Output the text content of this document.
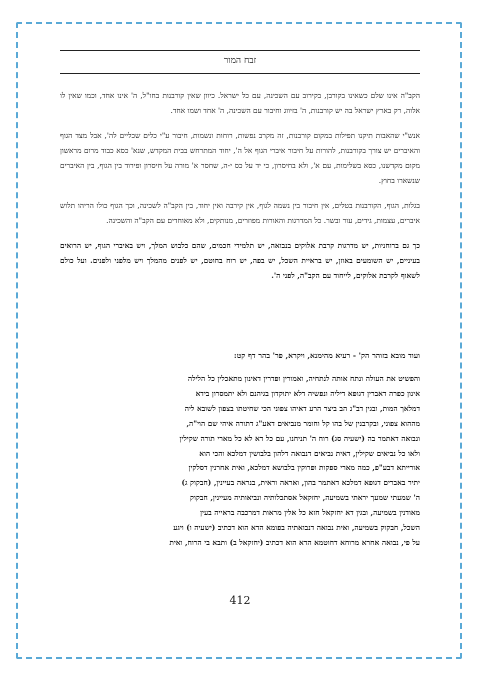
זבח המור

הקב"ה אינו שלם כשאינו בקורבן, בקירוב עם השכינה, עם כל ישראל. כיוון שאין קורבנות בחו"ל, ה' אינו אחד, וכמו שאין לו אלוה, רק בארץ ישראל בה יש קורבנות, ה' בזיווג וחיבור עם השכינה, ה' אחד ושמו אחד.

אנש"י שהאבות תיקנו תפילות במקום קורבנות, זה מקרב נפשות, רוחות ונשמות, חיבור ע"י כלים שכליים לה', אבל מצד הגוף והאיברים יש צורך בקורבנות, להורות על חיבור איברי הגוף אל ה', יחוד המתרחש בבית המקדש, שנא' כסא כבוד מרום מראשון מקום מקדשנו, כסא בשלימות, עם א', ולא בחיסרון, כי יד על כס י-ה, שחסר א' מורה על חיסרון ופירוד בין הגוף, בין האיברים שנשארו בחוץ.

בגלות, הגוף, הקורבנות בטלים, אין חיבור בין נשמה לגוף, אין קירבה ואין יחוד, בין הקב"ה לשכינה, וכך הגוף כולו הריהו תלוש איברים, עצמות, גידים, עור ובשר. כל המדרגות והאורות מפוזרים, מנותקים, ולא מאוחדים עם הקב"ה והשכינה.

כך גם ברוחניות, יש מדרגות קרבת אלוקים בנבואה, יש תלמידי חכמים, שהם כלבוש המלך, ויש באיברי הגוף, יש הרואים בעיניים, יש השומעים באוזן, יש בראיית השכל, יש בפה, יש רוח בחוטם, יש לפנים מהמלך ויש מלפני ולפנים. ועל כולם לשאוף לקרבת אלוקים, לייחוד עם הקב"ה, לפני ה'.

ועוד מובא בזוהר הק' - רעיא מהימנא, ויקרא, פר' בהר דף קט:

והפשיט את העולה ונתח אותה לנתחיה, ואמורין ופדרין דאינון מתאכלין כל הלילה

אינון כפרה דאברין דגופא דיליה ונפשיה דלא יתוקדון בגיהנם ולא יתמסרון בידא

דמלאך המות, ובגין דב"נ הב ביצר הרע דאיהו צפוני הכי שחיטתו בצפון לשובא ליה

מההוא צפוני, ובקרבנין של בהו קל וחומר מנביאים דאע"ג דתורה איהי שם הוי"ה,

ונבואה דאתמר בה (ישעיה סג) רוח ה' תניחנו, עם כל דא לא כל מארי תורה שקילין

ולאו כל נביאים שקילין, דאית נביאים דנבואה דלהון בלבושין דמלכא והכי הוא

אורייתא דבע"פ, כמה מארי ספקות ופרוקין בלבושא דמלכא, ואית אחרנין דסלקין

יתיר באברים דגופא דמלכא דאתמר בהון, ואראה וראית, בנראה בעיינין, (חבקוק ג)

ה' שמעתי שמעך יראתי בשמיעה, יחזקאל אסתכלותיה ונביאותיה מעיינין, חבקוק

מאודנין בשמיעה, ובגין דא יחזקאל חזא כל אלין מראות דמרכבה בראייה בעין

השכל, חבקוק בשמיעה, ואית נבואה דנבואתיה בפומא הדא הוא דכתיב (ישעיה ו) ויגע

על פי, נבואה אחרא מרוחא דחוטמא הדא הוא דכתיב (יחזקאל ב) ותבא בי הרוח, ואית

412
